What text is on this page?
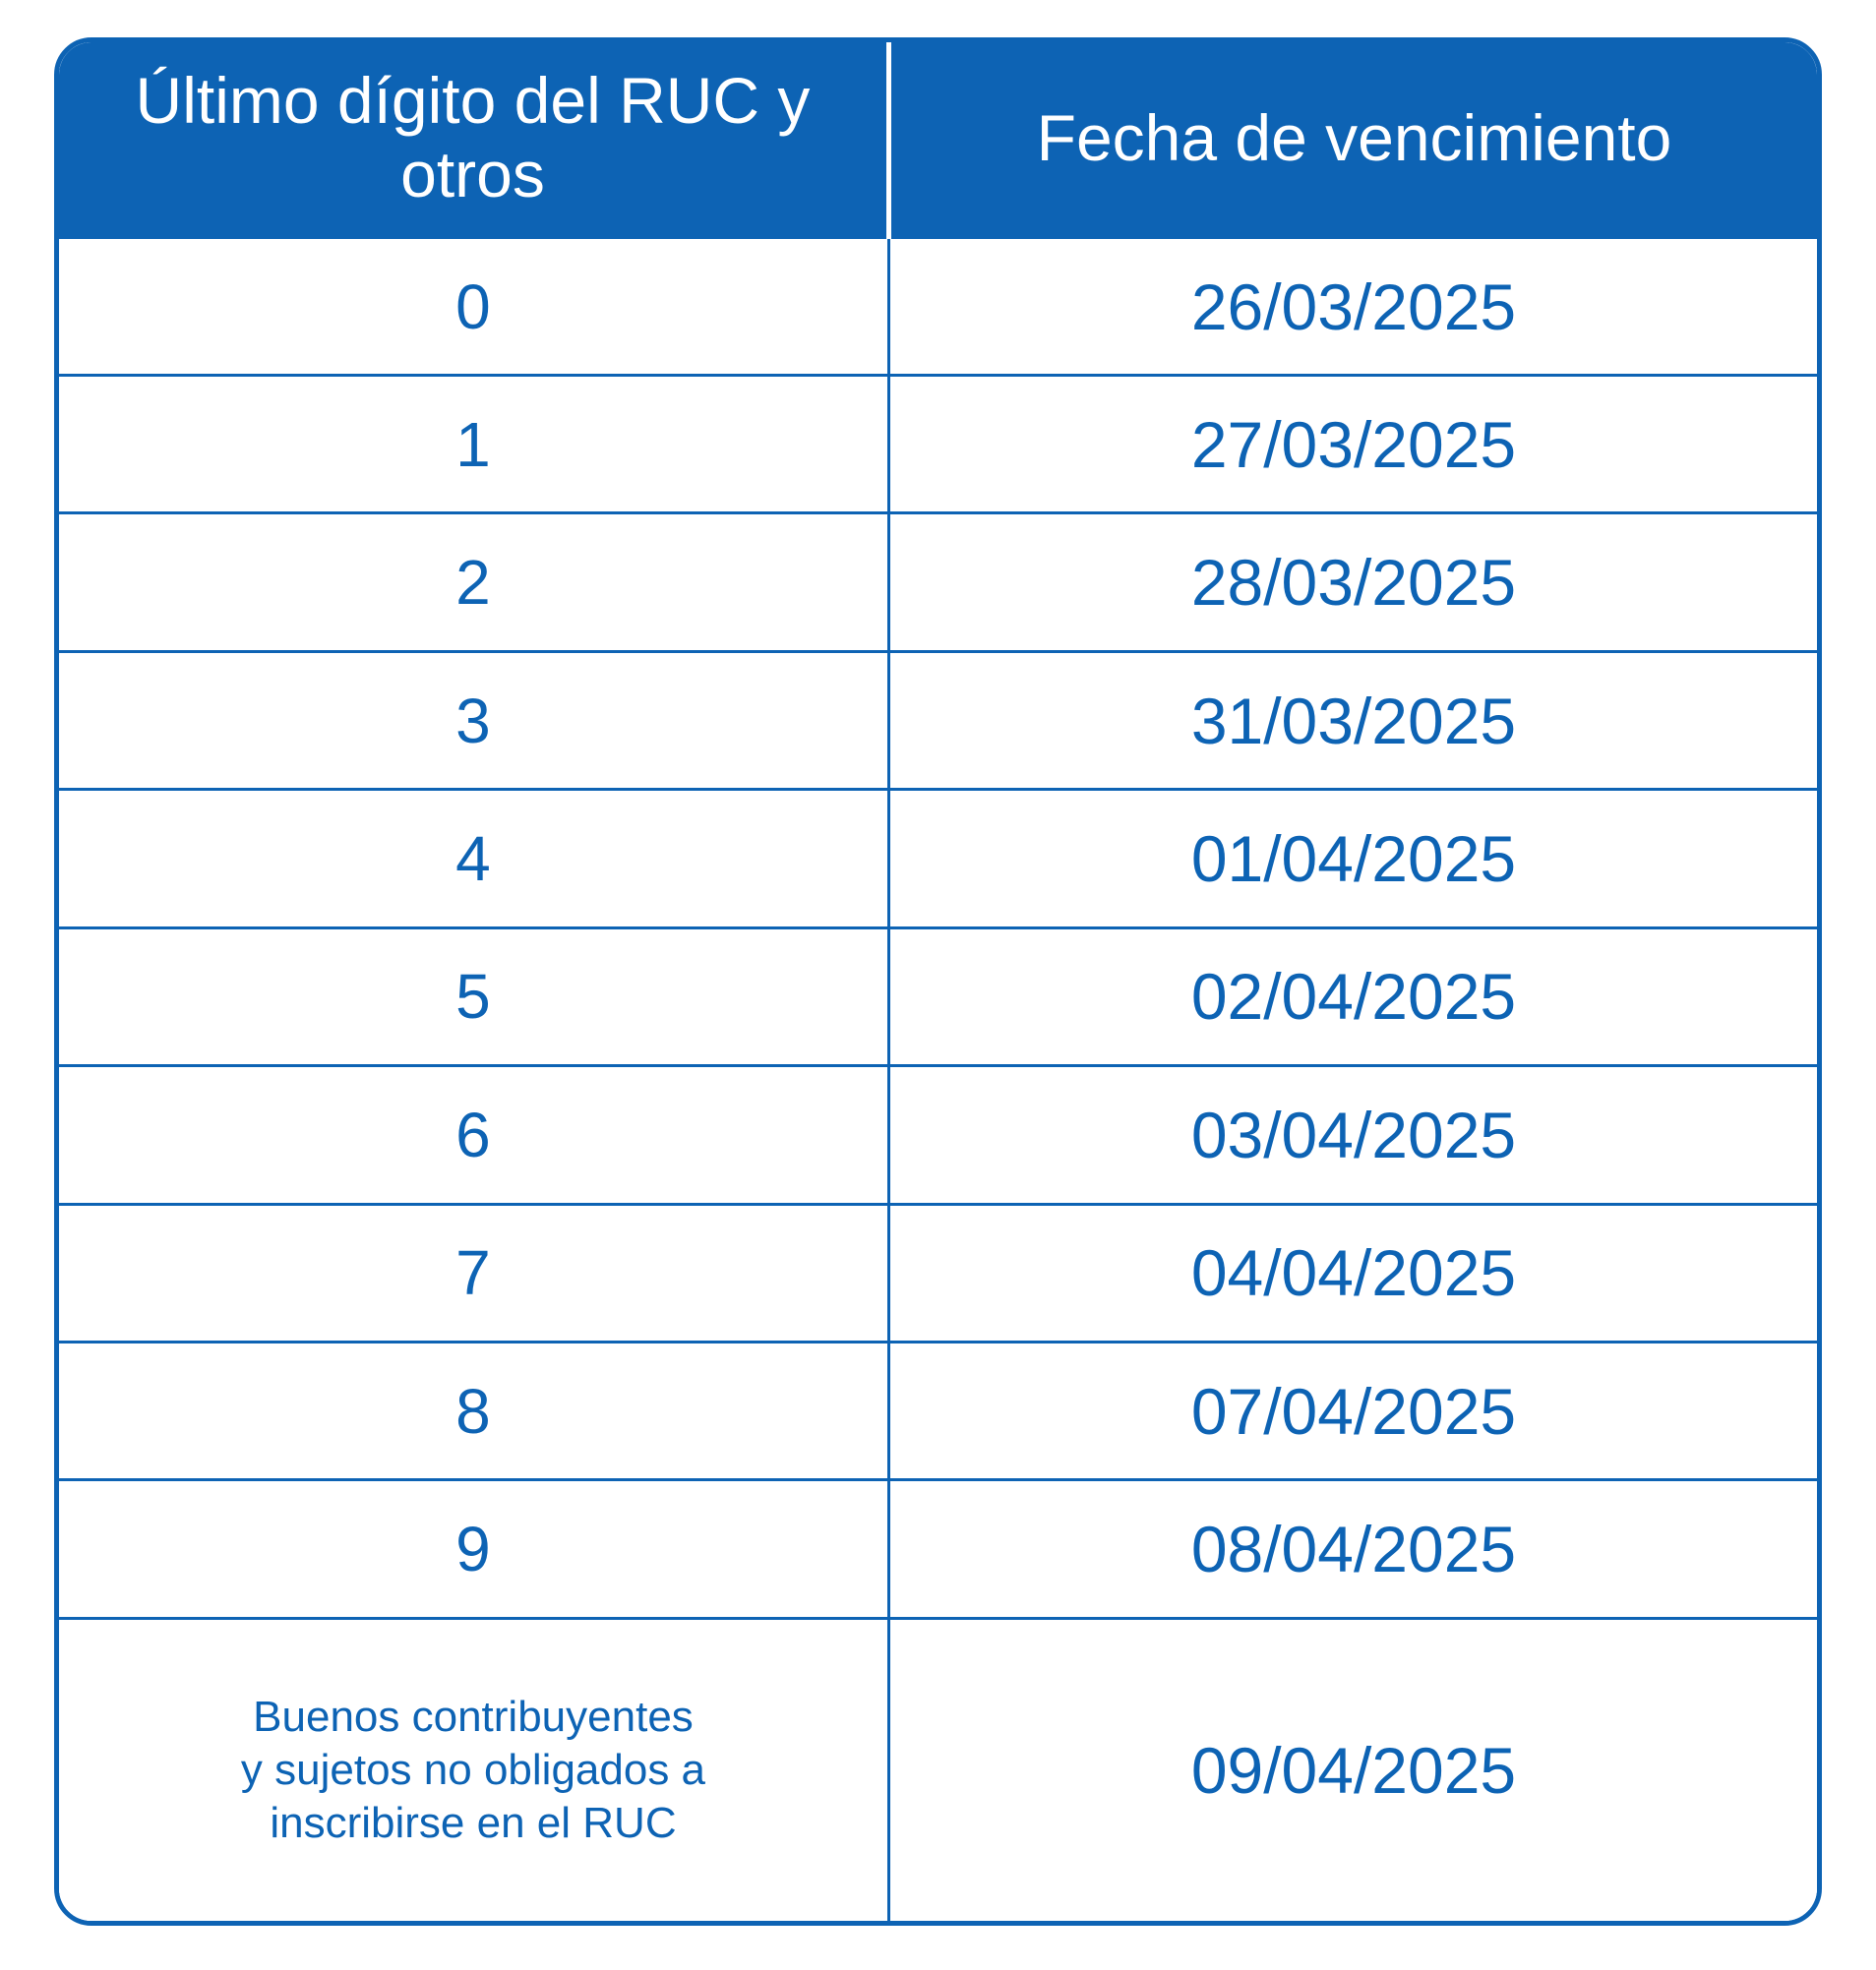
Último dígito del RUC y otros	Fecha de vencimiento
0	26/03/2025
1	27/03/2025
2	28/03/2025
3	31/03/2025
4	01/04/2025
5	02/04/2025
6	03/04/2025
7	04/04/2025
8	07/04/2025
9	08/04/2025

Buenos contribuyentes
y sujetos no obligados a
inscribirse en el RUC	09/04/2025
